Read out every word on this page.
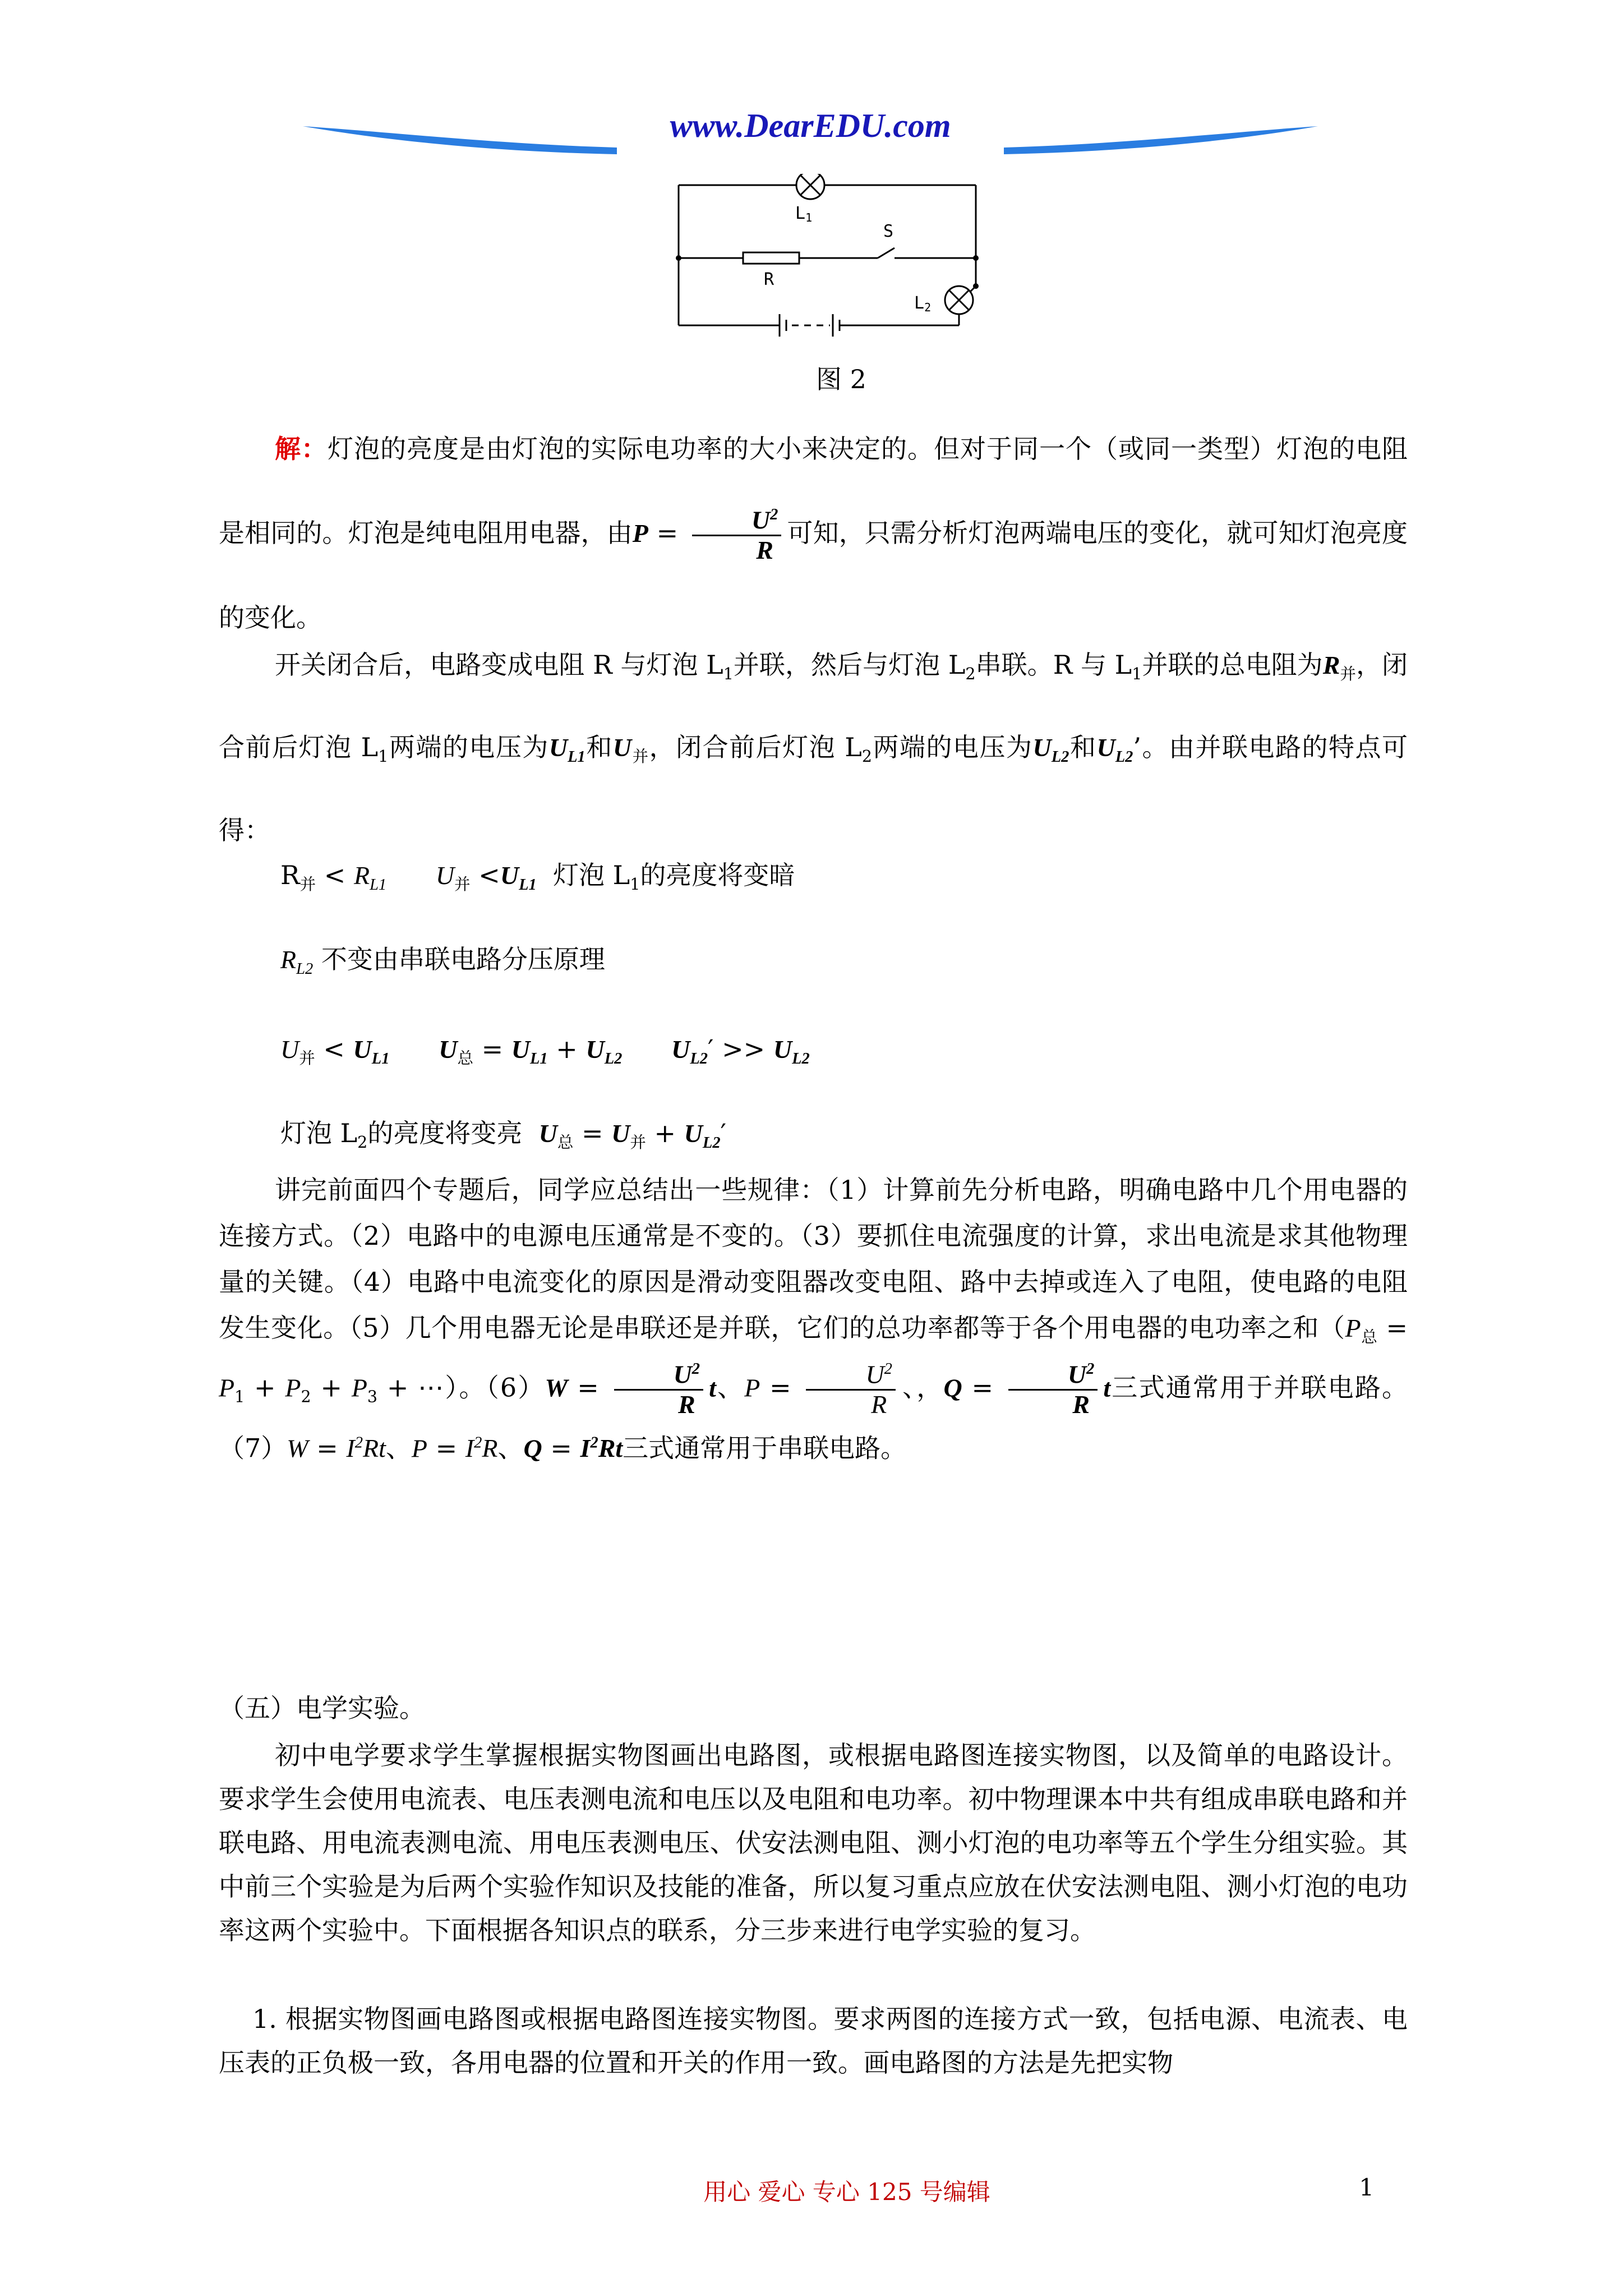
www.DearEDU.com
L1
R
S
L2
图 2
解：灯泡的亮度是由灯泡的实际电功率的大小来决定的。但对于同一个（或同一类型）灯泡的电阻是相同的。灯泡是纯电阻用电器，由$P = \frac{U^2}{R}$ 可知，只需分析灯泡两端电压的变化，就可知灯泡亮度的变化。
开关闭合后，电路变成电阻 R 与灯泡 $L_1$并联，然后与灯泡 $L_2$串联。R 与 $L_1$并联的总电阻为$R_并$，闭合前后灯泡 $L_1$两端的电压为$U_{L1}$和$U_并$，闭合前后灯泡 $L_2$两端的电压为$U_{L2}$和$U_{L2}$’。由并联电路的特点可得：
$R_并 < R_{L1}$ $U_并 <U_{L1}$ 灯泡 $L_1$的亮度将变暗
$R_{L2}$ 不变由串联电路分压原理
$U_并 < U_{L1}$ $U_总 = U_{L1} + U_{L2}$ $U_{L2}' >> U_{L2}$
灯泡 $L_2$的亮度将变亮 $U_总 = U_并 + U_{L2}'$
讲完前面四个专题后，同学应总结出一些规律：（1）计算前先分析电路，明确电路中几个用电器的连接方式。（2）电路中的电源电压通常是不变的。（3）要抓住电流强度的计算，求出电流是求其他物理量的关键。（4）电路中电流变化的原因是滑动变阻器改变电阻、路中去掉或连入了电阻，使电路的电阻发生变化。（5）几个用电器无论是串联还是并联，它们的总功率都等于各个用电器的电功率之和（$P_总 = P_1 + P_2 + P_3$ + ⋯）。$(6)W = \frac{U^2}{R}$ t、$P = \frac{U^2}{R}$ 、，$Q = \frac{U^2}{R}$ t三式通常用于并联电路。$(7)W = I^2Rt$、$P = I^2R$、$Q = I^2Rt$三式通常用于串联电路。
（五）电学实验。
初中电学要求学生掌握根据实物图画出电路图，或根据电路图连接实物图，以及简单的电路设计。要求学生会使用电流表、电压表测电流和电压以及电阻和电功率。初中物理课本中共有组成串联电路和并联电路、用电流表测电流、用电压表测电压、伏安法测电阻、测小灯泡的电功率等五个学生分组实验。其中前三个实验是为后两个实验作知识及技能的准备，所以复习重点应放在伏安法测电阻、测小灯泡的电功率这两个实验中。下面根据各知识点的联系，分三步来进行电学实验的复习。
1. 根据实物图画电路图或根据电路图连接实物图。要求两图的连接方式一致，包括电源、电流表、电压表的正负极一致，各用电器的位置和开关的作用一致。画电路图的方法是先把实物
用心 爱心 专心 125 号编辑	1
